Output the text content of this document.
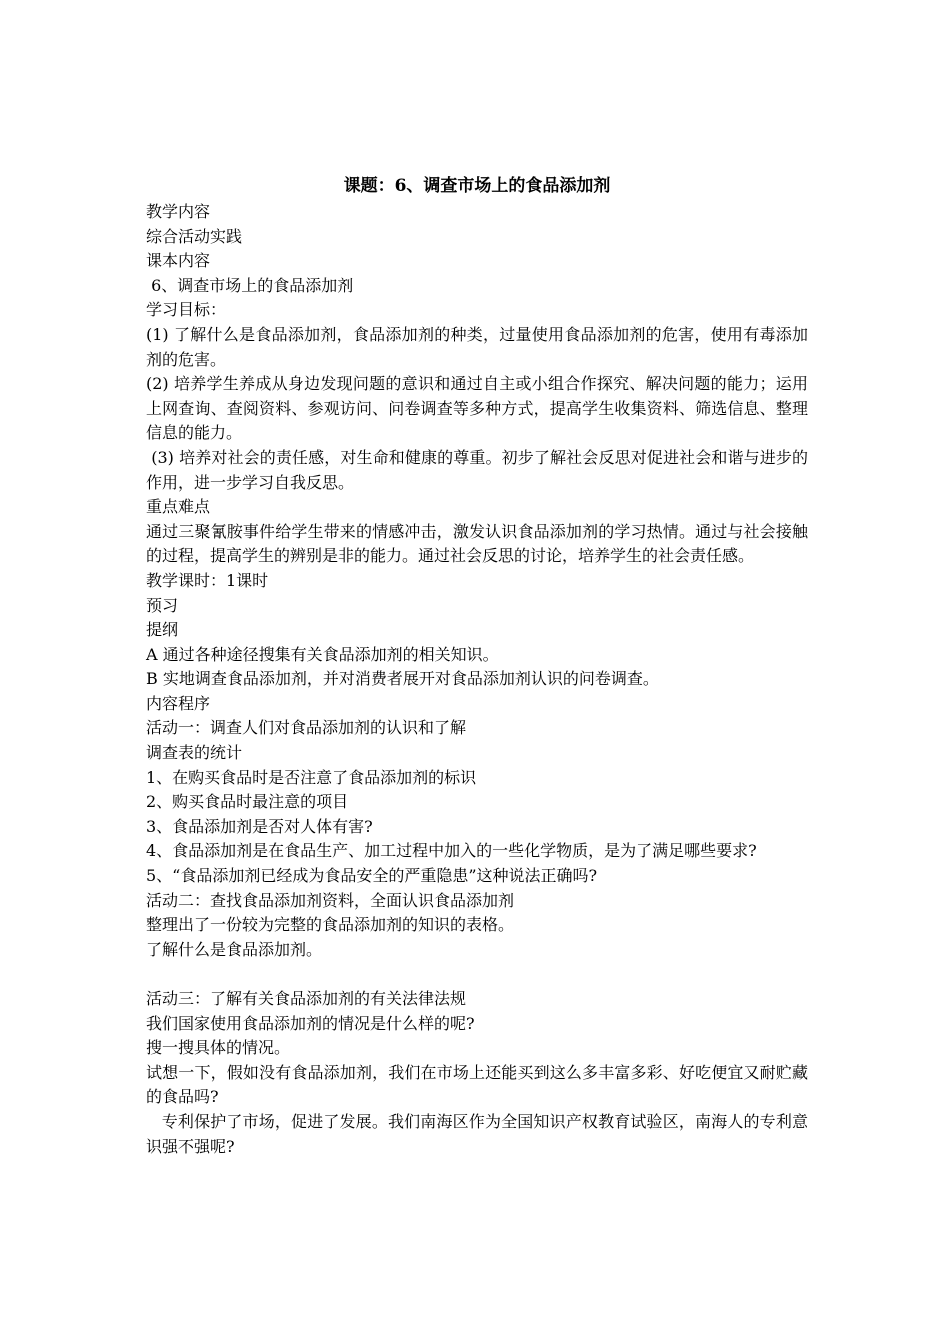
课题：6、调查市场上的食品添加剂
教学内容
综合活动实践
课本内容
6、调查市场上的食品添加剂
学习目标：
(1) 了解什么是食品添加剂，食品添加剂的种类，过量使用食品添加剂的危害，使用有毒添加剂的危害。
(2) 培养学生养成从身边发现问题的意识和通过自主或小组合作探究、解决问题的能力；运用上网查询、查阅资料、参观访问、问卷调查等多种方式，提高学生收集资料、筛选信息、整理信息的能力。
(3) 培养对社会的责任感，对生命和健康的尊重。初步了解社会反思对促进社会和谐与进步的作用，进一步学习自我反思。
重点难点
通过三聚氰胺事件给学生带来的情感冲击，激发认识食品添加剂的学习热情。通过与社会接触的过程，提高学生的辨别是非的能力。通过社会反思的讨论，培养学生的社会责任感。
教学课时：1课时
预习
提纲
A 通过各种途径搜集有关食品添加剂的相关知识。
B 实地调查食品添加剂，并对消费者展开对食品添加剂认识的问卷调查。
内容程序
活动一：调查人们对食品添加剂的认识和了解
调查表的统计
1、在购买食品时是否注意了食品添加剂的标识
2、购买食品时最注意的项目
3、食品添加剂是否对人体有害?
4、食品添加剂是在食品生产、加工过程中加入的一些化学物质，是为了满足哪些要求?
5、“食品添加剂已经成为食品安全的严重隐患”这种说法正确吗?
活动二：查找食品添加剂资料，全面认识食品添加剂
整理出了一份较为完整的食品添加剂的知识的表格。
了解什么是食品添加剂。
活动三：了解有关食品添加剂的有关法律法规
我们国家使用食品添加剂的情况是什么样的呢?
搜一搜具体的情况。
试想一下，假如没有食品添加剂，我们在市场上还能买到这么多丰富多彩、好吃便宜又耐贮藏的食品吗?
专利保护了市场，促进了发展。我们南海区作为全国知识产权教育试验区，南海人的专利意识强不强呢?
